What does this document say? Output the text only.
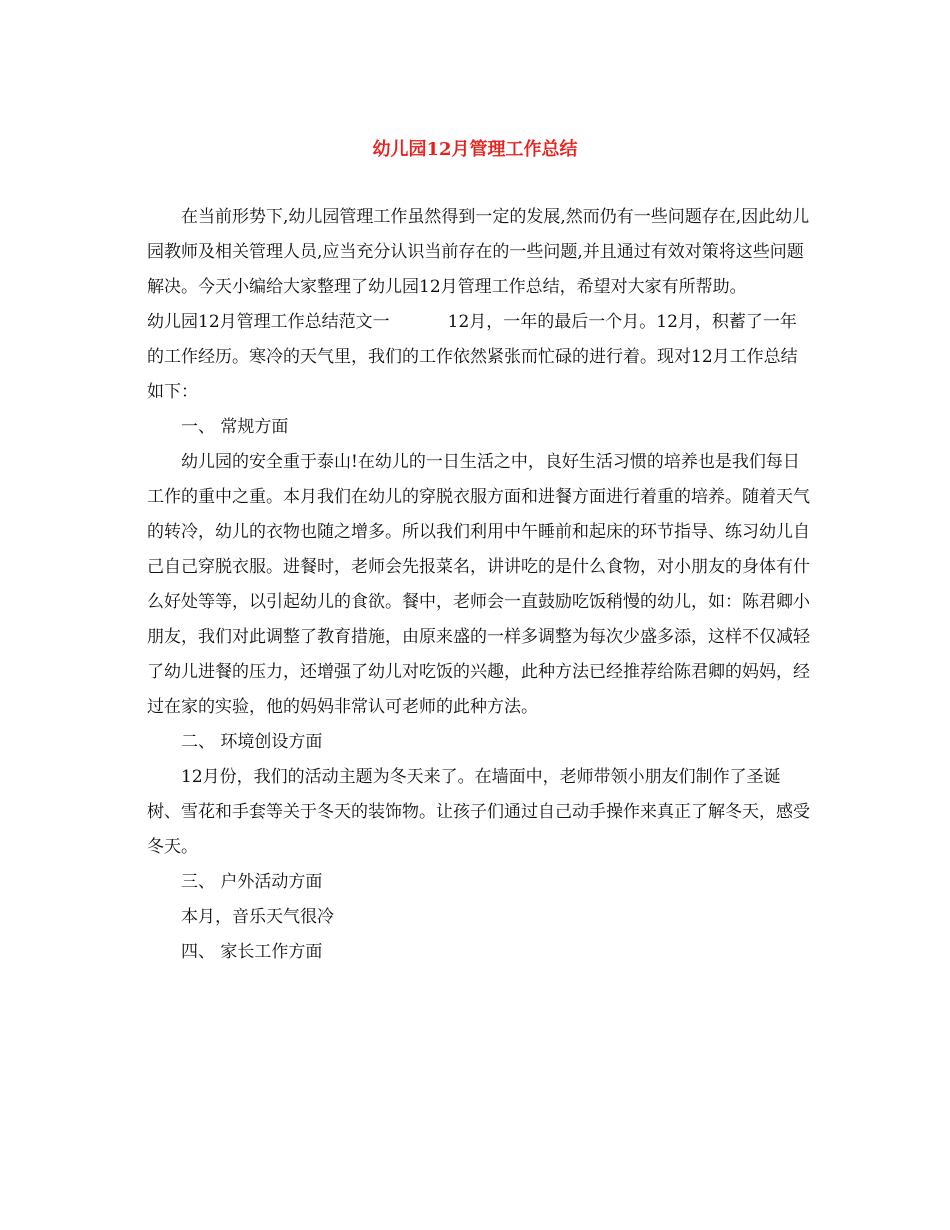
幼儿园12月管理工作总结

在当前形势下,幼儿园管理工作虽然得到一定的发展,然而仍有一些问题存在,因此幼儿园教师及相关管理人员,应当充分认识当前存在的一些问题,并且通过有效对策将这些问题解决。今天小编给大家整理了幼儿园12月管理工作总结，希望对大家有所帮助。

幼儿园12月管理工作总结范文一	12月，一年的最后一个月。12月，积蓄了一年的工作经历。寒冷的天气里，我们的工作依然紧张而忙碌的进行着。现对12月工作总结如下：

一、 常规方面

幼儿园的安全重于泰山!在幼儿的一日生活之中，良好生活习惯的培养也是我们每日工作的重中之重。本月我们在幼儿的穿脱衣服方面和进餐方面进行着重的培养。随着天气的转冷，幼儿的衣物也随之增多。所以我们利用中午睡前和起床的环节指导、练习幼儿自己自己穿脱衣服。进餐时，老师会先报菜名，讲讲吃的是什么食物，对小朋友的身体有什么好处等等，以引起幼儿的食欲。餐中，老师会一直鼓励吃饭稍慢的幼儿，如：陈君卿小朋友，我们对此调整了教育措施，由原来盛的一样多调整为每次少盛多添，这样不仅减轻了幼儿进餐的压力，还增强了幼儿对吃饭的兴趣，此种方法已经推荐给陈君卿的妈妈，经过在家的实验，他的妈妈非常认可老师的此种方法。

二、 环境创设方面

12月份，我们的活动主题为冬天来了。在墙面中，老师带领小朋友们制作了圣诞树、雪花和手套等关于冬天的装饰物。让孩子们通过自己动手操作来真正了解冬天，感受冬天。

三、 户外活动方面

本月，音乐天气很冷

四、 家长工作方面
